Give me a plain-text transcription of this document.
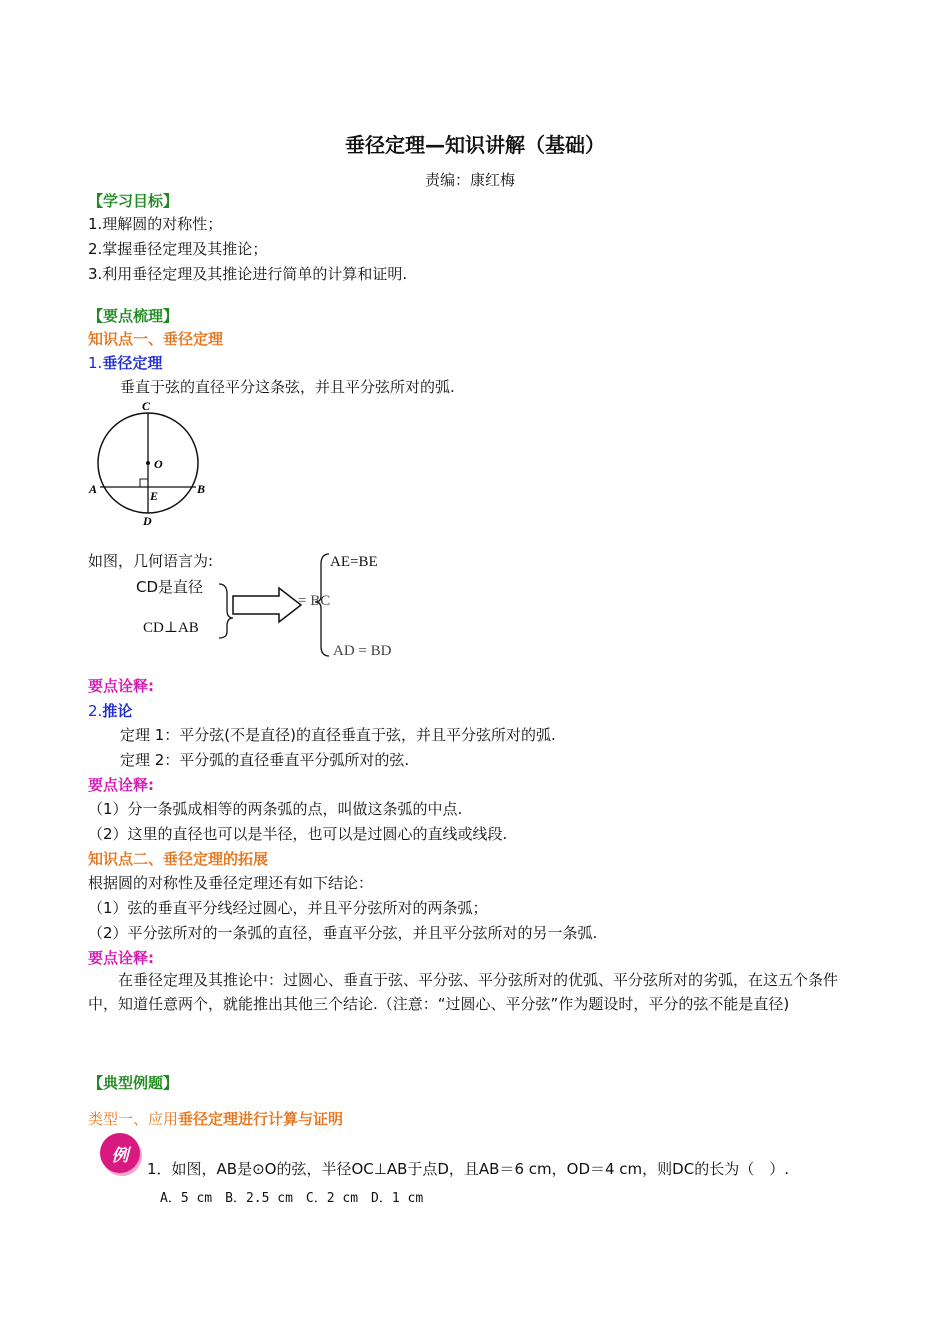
垂径定理—知识讲解（基础）
责编：康红梅
【学习目标】
1.理解圆的对称性；
2.掌握垂径定理及其推论；
3.利用垂径定理及其推论进行简单的计算和证明.
【要点梳理】
知识点一、垂径定理
1.垂径定理
垂直于弦的直径平分这条弦，并且平分弦所对的弧.
C
O
A	B
E
D
如图，几何语言为:
CD是直径
CD⊥AB
AE=BE
= BC
AD = BD
要点诠释:
2.推论
定理 1：平分弦(不是直径)的直径垂直于弦，并且平分弦所对的弧.
定理 2：平分弧的直径垂直平分弧所对的弦.
要点诠释:
（1）分一条弧成相等的两条弧的点，叫做这条弧的中点.
（2）这里的直径也可以是半径，也可以是过圆心的直线或线段.
知识点二、垂径定理的拓展
根据圆的对称性及垂径定理还有如下结论：
（1）弦的垂直平分线经过圆心，并且平分弦所对的两条弧；
（2）平分弦所对的一条弧的直径，垂直平分弦，并且平分弦所对的另一条弧.
要点诠释:
在垂径定理及其推论中：过圆心、垂直于弦、平分弦、平分弦所对的优弧、平分弦所对的劣弧，在这五个条件中，知道任意两个，就能推出其他三个结论.（注意：“过圆心、平分弦”作为题设时，平分的弦不能是直径)
【典型例题】
类型一、应用垂径定理进行计算与证明
例
1．如图，AB是⊙O的弦，半径OC⊥AB于点D，且AB＝6 cm，OD＝4 cm，则DC的长为（　）.
A．5 cm　B．2.5 cm　C．2 cm　D．1 cm
